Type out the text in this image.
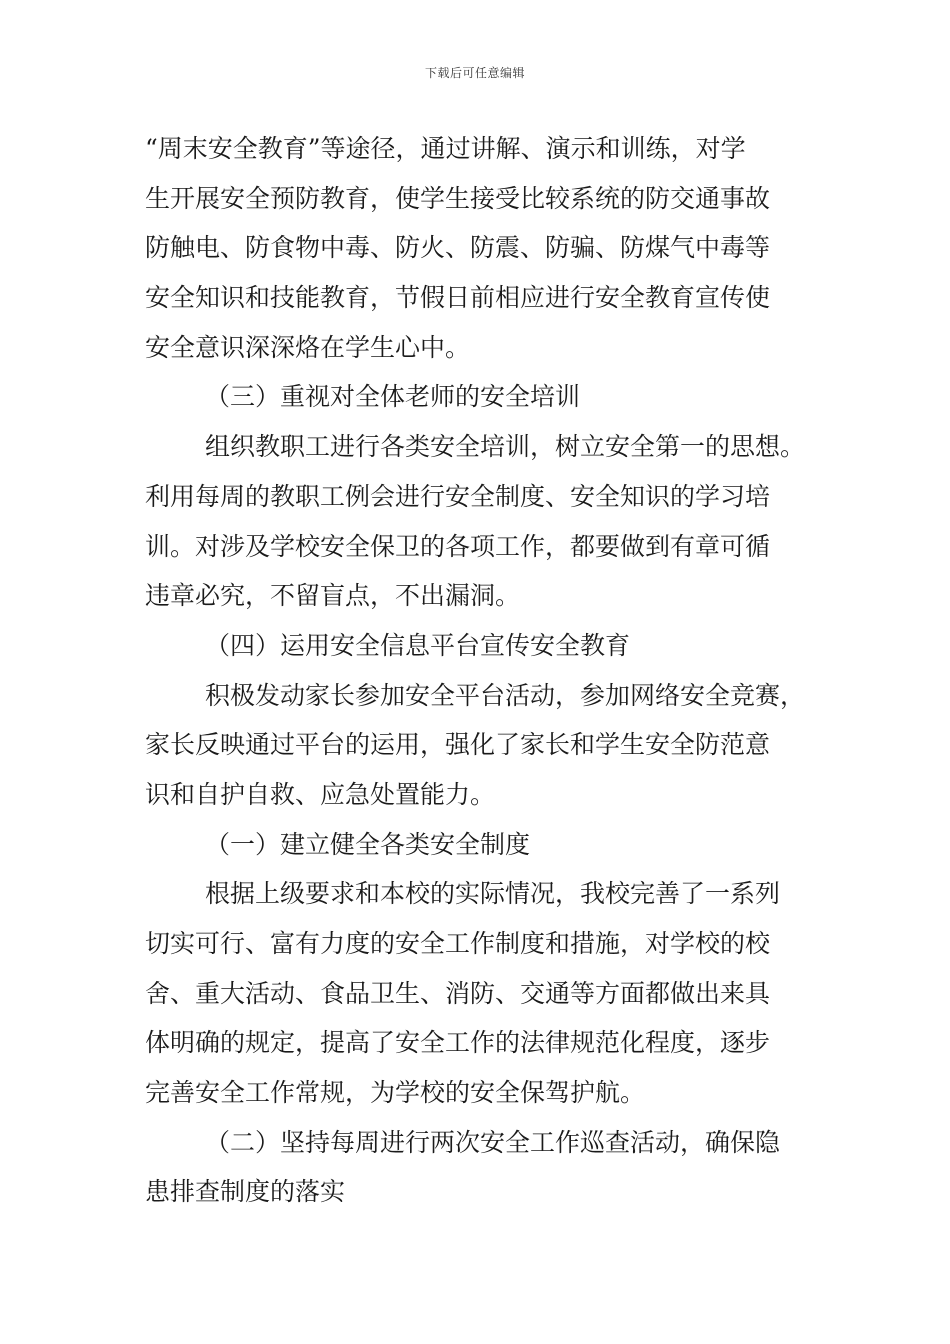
下载后可任意编辑
“周末安全教育”等途径，通过讲解、演示和训练，对学
生开展安全预防教育，使学生接受比较系统的防交通事故
防触电、防食物中毒、防火、防震、防骗、防煤气中毒等
安全知识和技能教育，节假日前相应进行安全教育宣传使
安全意识深深烙在学生心中。
（三）重视对全体老师的安全培训
组织教职工进行各类安全培训，树立安全第一的思想。
利用每周的教职工例会进行安全制度、安全知识的学习培
训。对涉及学校安全保卫的各项工作，都要做到有章可循
违章必究，不留盲点，不出漏洞。
（四）运用安全信息平台宣传安全教育
积极发动家长参加安全平台活动，参加网络安全竞赛，
家长反映通过平台的运用，强化了家长和学生安全防范意
识和自护自救、应急处置能力。
（一）建立健全各类安全制度
根据上级要求和本校的实际情况，我校完善了一系列
切实可行、富有力度的安全工作制度和措施，对学校的校
舍、重大活动、食品卫生、消防、交通等方面都做出来具
体明确的规定，提高了安全工作的法律规范化程度，逐步
完善安全工作常规，为学校的安全保驾护航。
（二）坚持每周进行两次安全工作巡查活动，确保隐
患排查制度的落实
